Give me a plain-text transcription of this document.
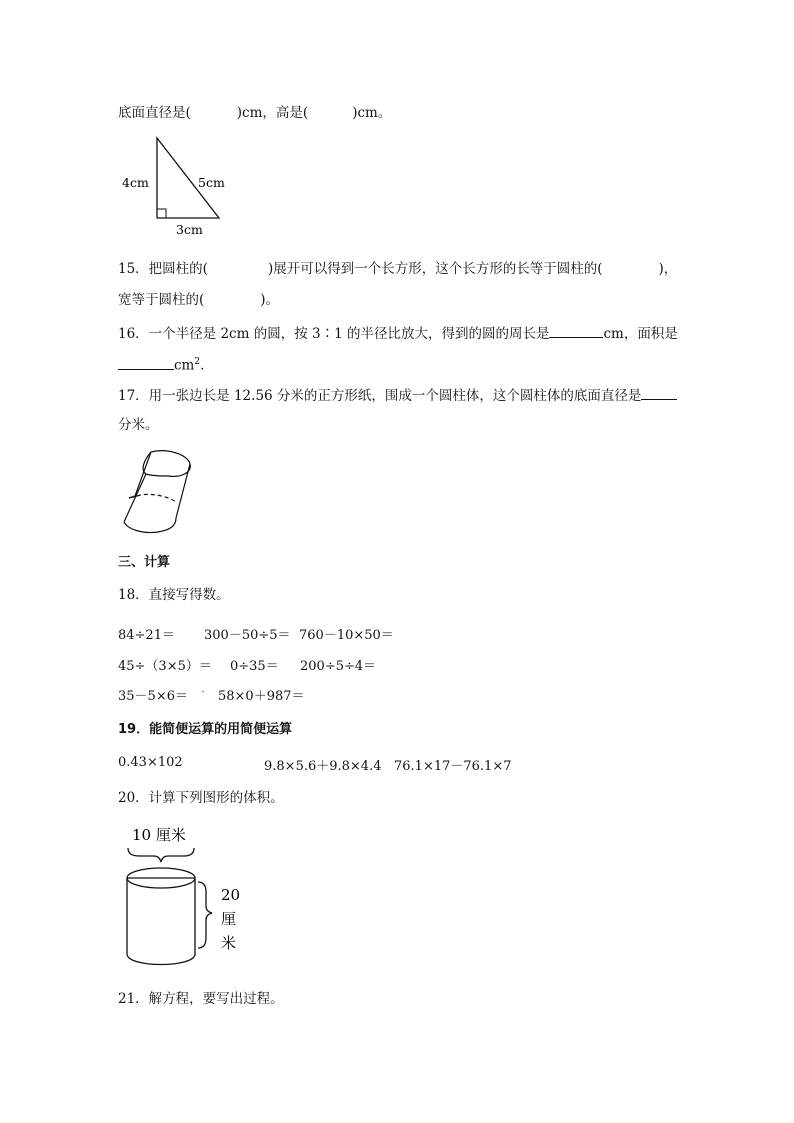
底面直径是(	)cm，高是(	)cm。
4cm	5cm
3cm
15．把圆柱的(	)展开可以得到一个长方形，这个长方形的长等于圆柱的(	)，
宽等于圆柱的(	)。
16．一个半径是 2cm 的圆，按 3∶1 的半径比放大，得到的圆的周长是	cm，面积是
$cm^2$.
17．用一张边长是 12.56 分米的正方形纸，围成一个圆柱体，这个圆柱体的底面直径是
分米。
三、计算
18．直接写得数。
84÷21＝ 300－50÷5＝ 760－10×50＝
45÷（3×5）＝ 0÷35＝ 200÷5÷4＝
35－5×6＝ · 58×0＋987＝
19．能简便运算的用简便运算
0.43×102	9.8×5.6＋9.8×4.4 76.1×17－76.1×7
20．计算下列图形的体积。
10 厘米
20
厘
米
21．解方程，要写出过程。
